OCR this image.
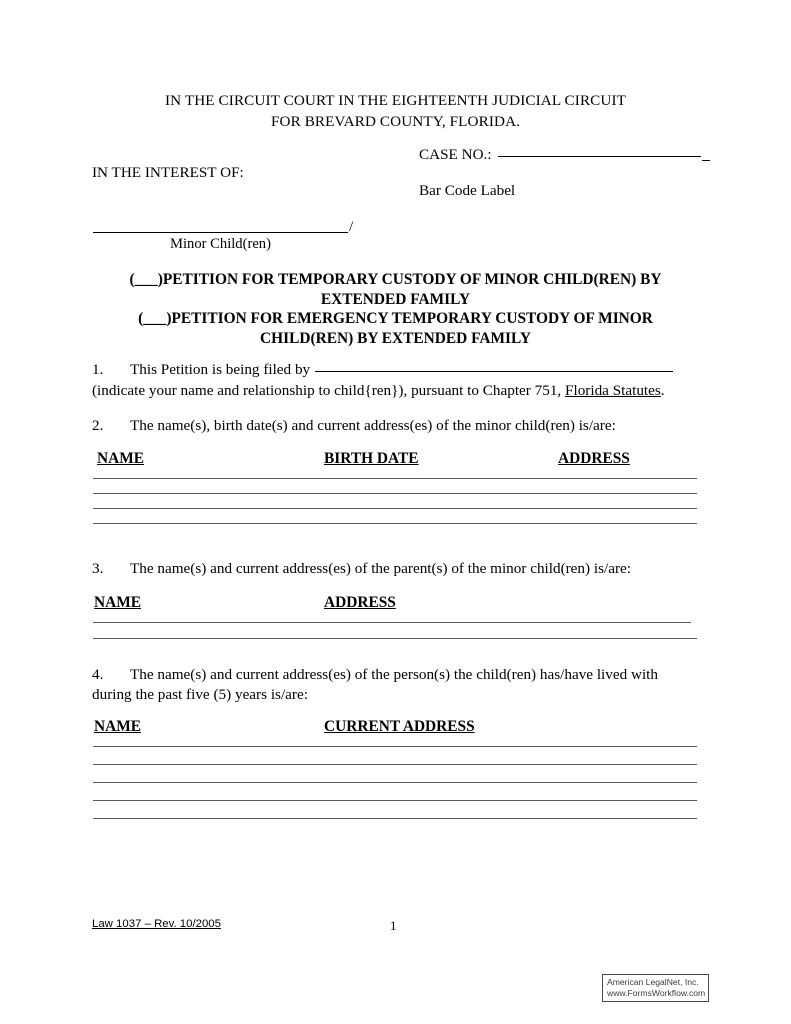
IN THE CIRCUIT COURT IN THE EIGHTEENTH JUDICIAL CIRCUIT
FOR BREVARD COUNTY, FLORIDA.
CASE NO.:
IN THE INTEREST OF:
Bar Code Label
/
Minor Child(ren)
(___)PETITION FOR TEMPORARY CUSTODY OF MINOR CHILD(REN) BY
EXTENDED FAMILY
(___)PETITION FOR EMERGENCY TEMPORARY CUSTODY OF MINOR
CHILD(REN) BY EXTENDED FAMILY
1. This Petition is being filed by
(indicate your name and relationship to child{ren}), pursuant to Chapter 751, Florida Statutes.
2. The name(s), birth date(s) and current address(es) of the minor child(ren) is/are:
NAME	BIRTH DATE	ADDRESS
3. The name(s) and current address(es) of the parent(s) of the minor child(ren) is/are:
NAME	ADDRESS
4. The name(s) and current address(es) of the person(s) the child(ren) has/have lived with
during the past five (5) years is/are:
NAME	CURRENT ADDRESS
Law 1037 – Rev. 10/2005	1
American LegalNet, Inc.
www.FormsWorkflow.com
